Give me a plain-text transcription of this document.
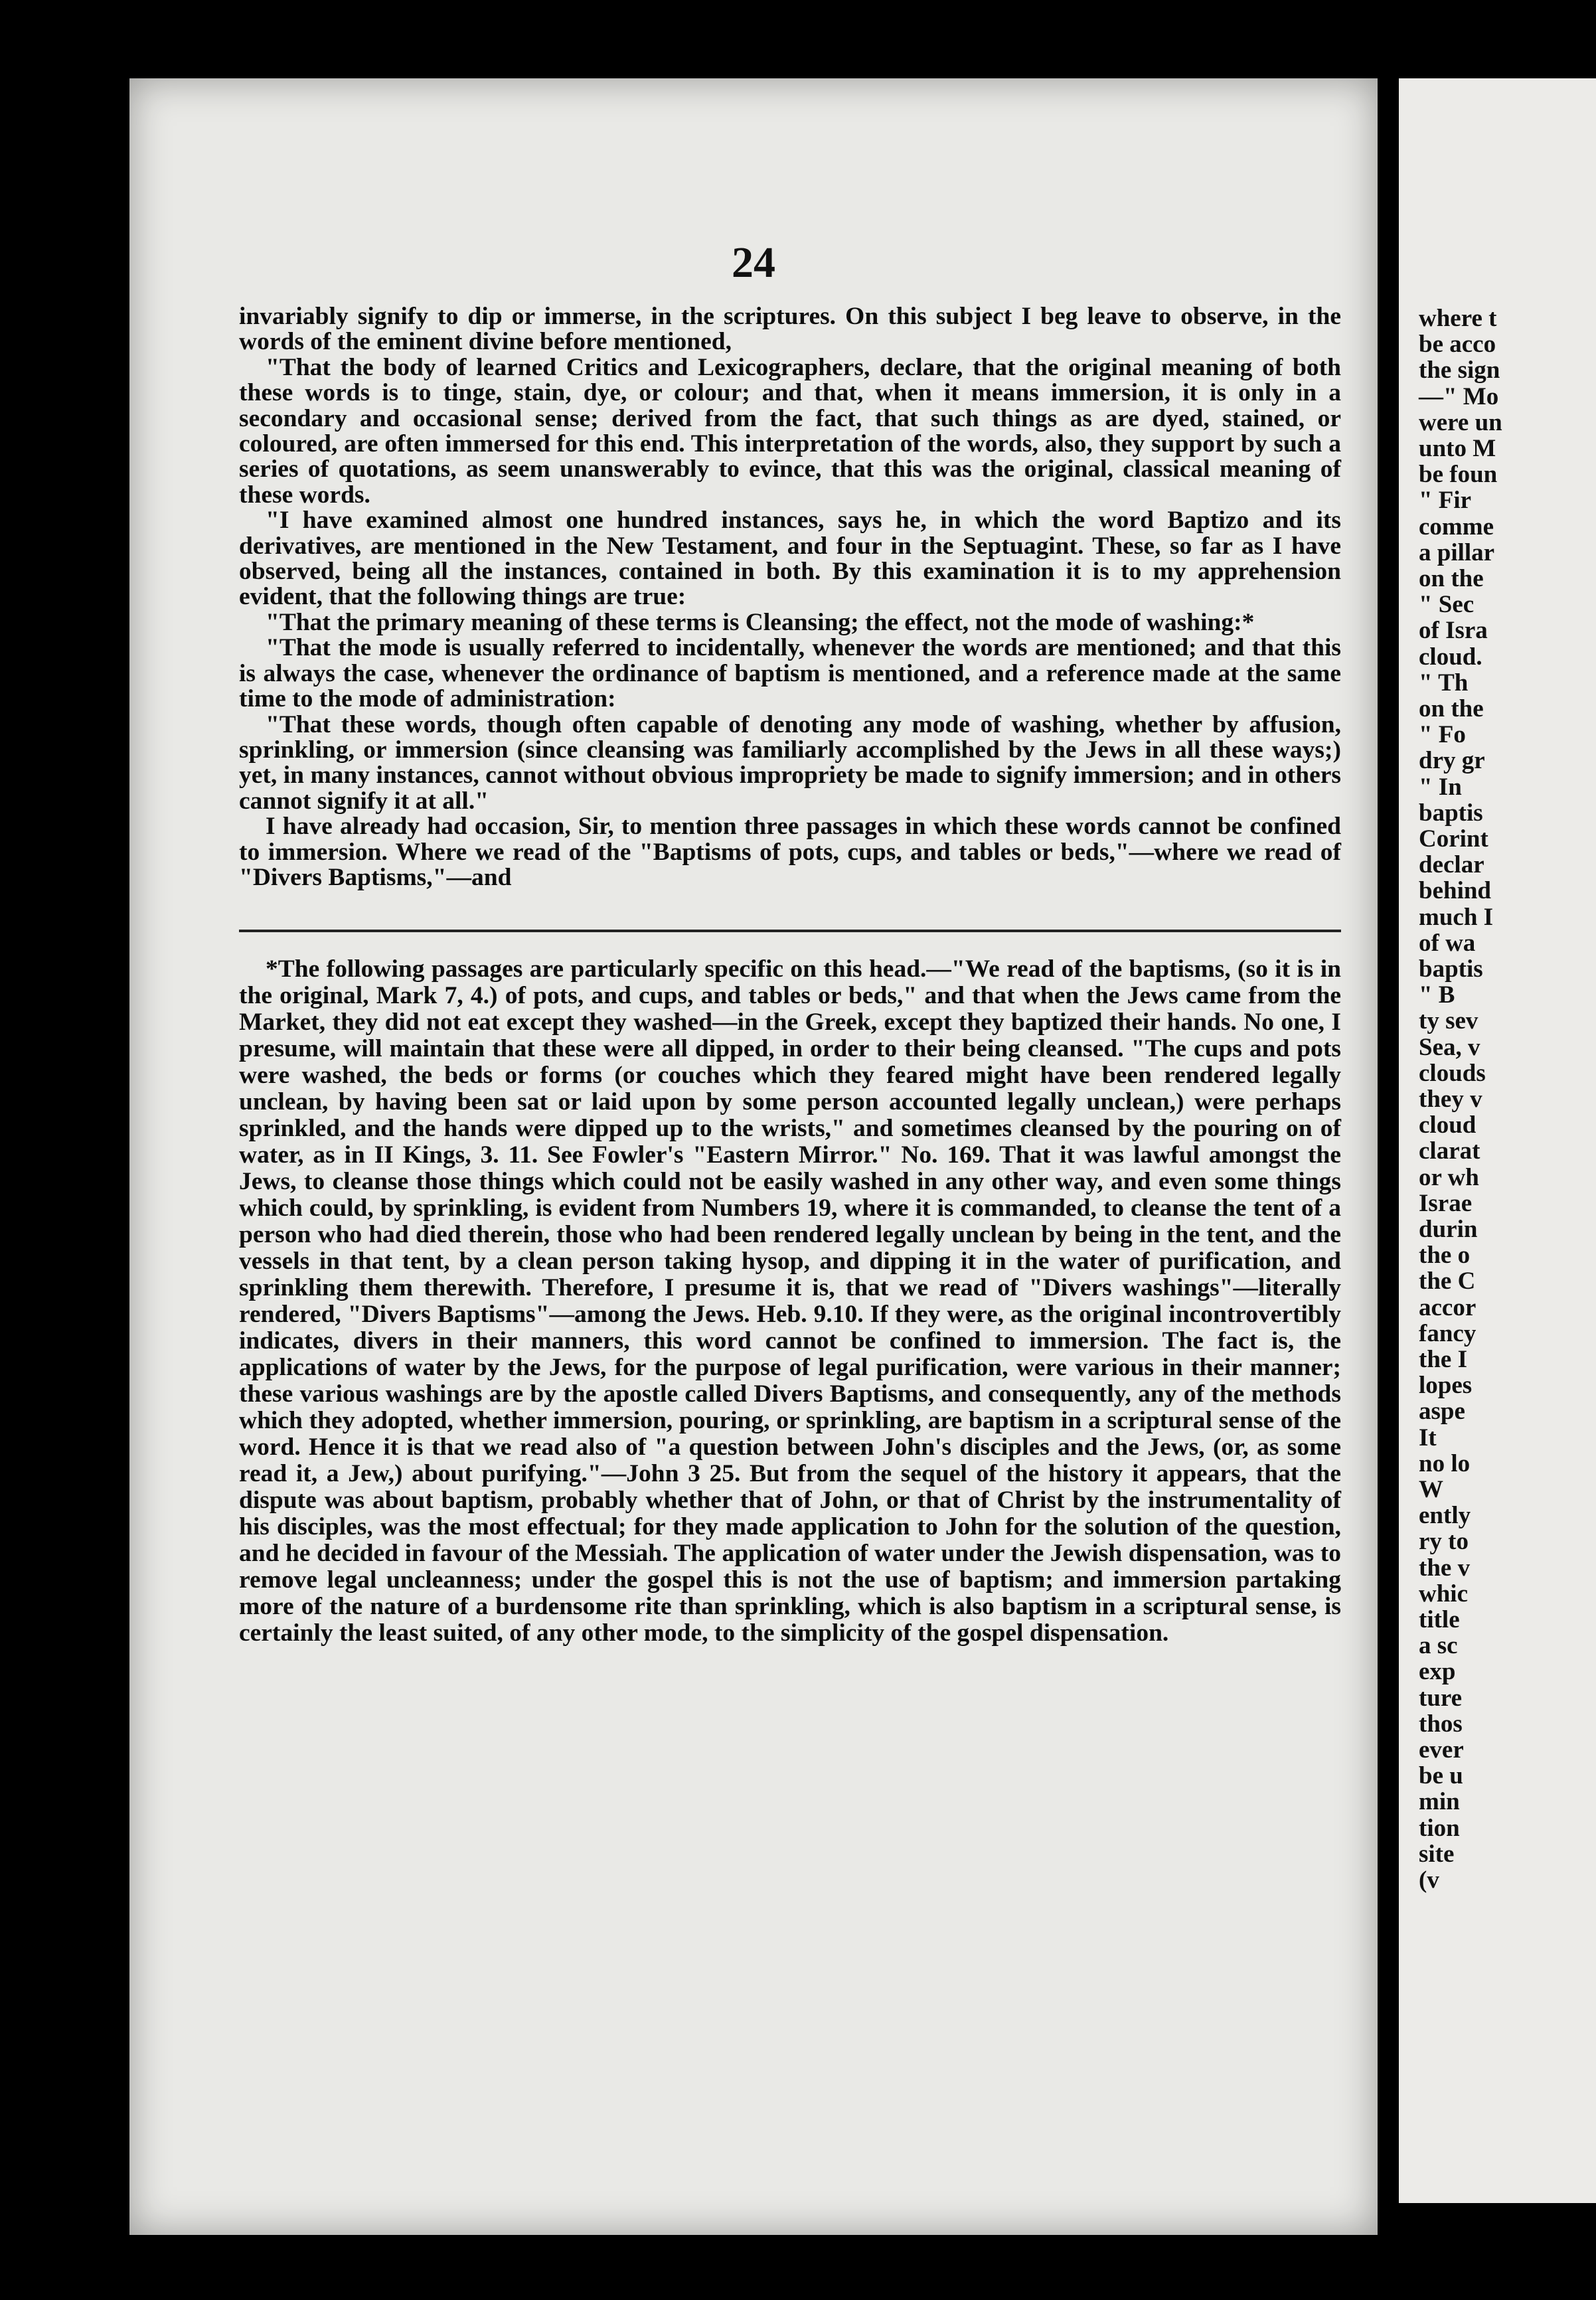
24

invariably signify to dip or immerse, in the scriptures. On this subject I beg leave to observe, in the words of the eminent divine before mentioned,

"That the body of learned Critics and Lexicographers, declare, that the original meaning of both these words is to tinge, stain, dye, or colour; and that, when it means immersion, it is only in a secondary and occasional sense; derived from the fact, that such things as are dyed, stained, or coloured, are often immersed for this end. This interpretation of the words, also, they support by such a series of quotations, as seem unanswerably to evince, that this was the original, classical meaning of these words.

"I have examined almost one hundred instances, says he, in which the word Baptizo and its derivatives, are mentioned in the New Testament, and four in the Septuagint. These, so far as I have observed, being all the instances, contained in both. By this examination it is to my apprehension evident, that the following things are true:

"That the primary meaning of these terms is Cleansing; the effect, not the mode of washing:*

"That the mode is usually referred to incidentally, whenever the words are mentioned; and that this is always the case, whenever the ordinance of baptism is mentioned, and a reference made at the same time to the mode of administration:

"That these words, though often capable of denoting any mode of washing, whether by affusion, sprinkling, or immersion (since cleansing was familiarly accomplished by the Jews in all these ways;) yet, in many instances, cannot without obvious impropriety be made to signify immersion; and in others cannot signify it at all."

I have already had occasion, Sir, to mention three passages in which these words cannot be confined to immersion. Where we read of the "Baptisms of pots, cups, and tables or beds,"—where we read of "Divers Baptisms,"—and

*The following passages are particularly specific on this head.—"We read of the baptisms, (so it is in the original, Mark 7, 4.) of pots, and cups, and tables or beds," and that when the Jews came from the Market, they did not eat except they washed—in the Greek, except they baptized their hands. No one, I presume, will maintain that these were all dipped, in order to their being cleansed. "The cups and pots were washed, the beds or forms (or couches which they feared might have been rendered legally unclean, by having been sat or laid upon by some person accounted legally unclean,) were perhaps sprinkled, and the hands were dipped up to the wrists," and sometimes cleansed by the pouring on of water, as in II Kings, 3. 11. See Fowler's "Eastern Mirror." No. 169. That it was lawful amongst the Jews, to cleanse those things which could not be easily washed in any other way, and even some things which could, by sprinkling, is evident from Numbers 19, where it is commanded, to cleanse the tent of a person who had died therein, those who had been rendered legally unclean by being in the tent, and the vessels in that tent, by a clean person taking hysop, and dipping it in the water of purification, and sprinkling them therewith. Therefore, I presume it is, that we read of "Divers washings"—literally rendered, "Divers Baptisms"—among the Jews. Heb. 9.10. If they were, as the original incontrovertibly indicates, divers in their manners, this word cannot be confined to immersion. The fact is, the applications of water by the Jews, for the purpose of legal purification, were various in their manner; these various washings are by the apostle called Divers Baptisms, and consequently, any of the methods which they adopted, whether immersion, pouring, or sprinkling, are baptism in a scriptural sense of the word. Hence it is that we read also of "a question between John's disciples and the Jews, (or, as some read it, a Jew,) about purifying."—John 3 25. But from the sequel of the history it appears, that the dispute was about baptism, probably whether that of John, or that of Christ by the instrumentality of his disciples, was the most effectual; for they made application to John for the solution of the question, and he decided in favour of the Messiah. The application of water under the Jewish dispensation, was to remove legal uncleanness; under the gospel this is not the use of baptism; and immersion partaking more of the nature of a burdensome rite than sprinkling, which is also baptism in a scriptural sense, is certainly the least suited, of any other mode, to the simplicity of the gospel dispensation.

where t
be acco
the sign
—" Mo
were un
unto M
be foun
" Fir
comme
a pillar
on the
" Sec
of Isra
cloud.
" Th
on the
" Fo
dry gr
" In
baptis
Corint
declar
behind
much I
of wa
baptis
" B
ty sev
Sea, v
clouds
they v
cloud
clarat
or wh
Israe
durin
the o
the C
accor
fancy
the I
lopes
aspe
It
no lo
W
ently
ry to
the v
whic
title
a sc
exp
ture
thos
ever
be u
min
tion
site
(v
